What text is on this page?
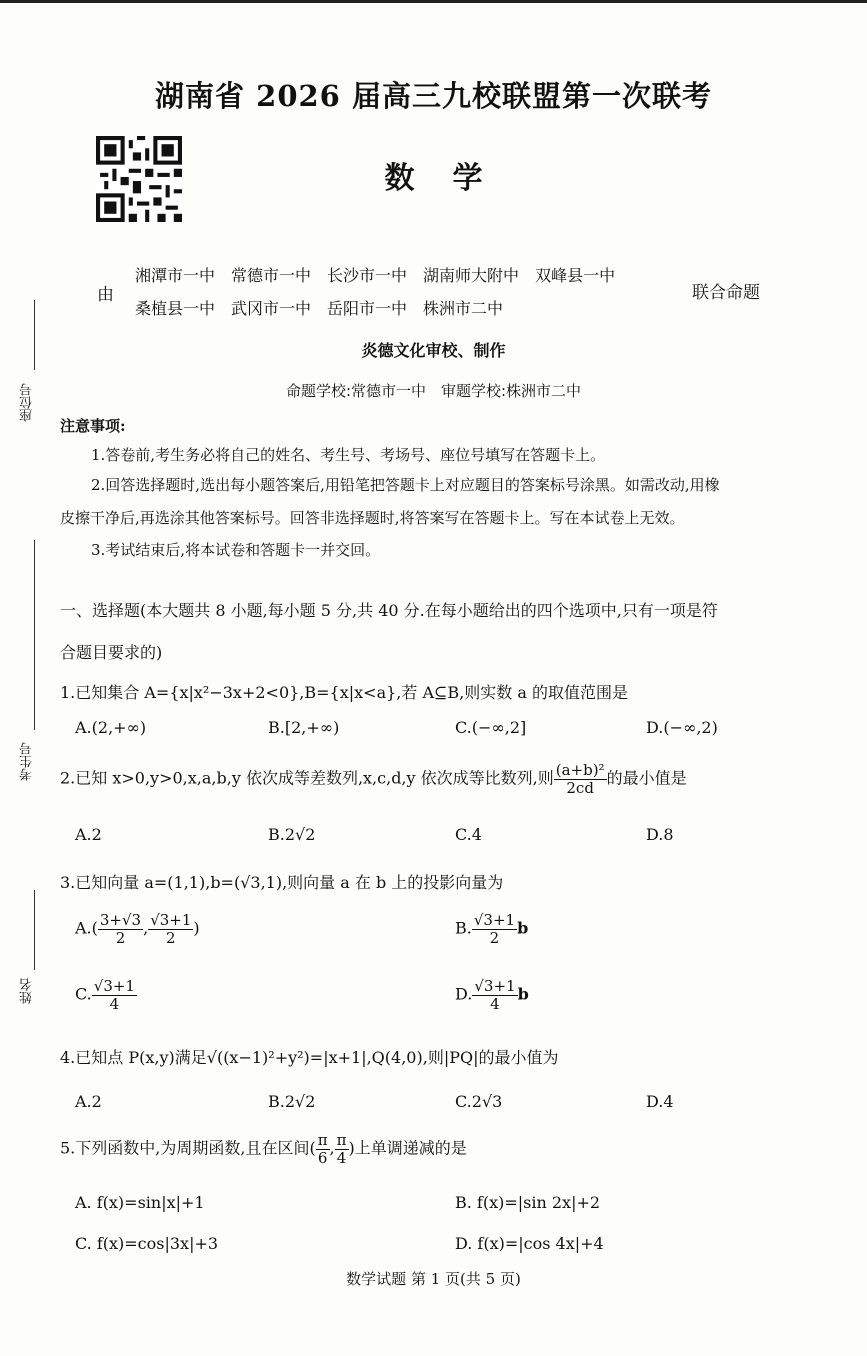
座位号
考生号
姓名
湖南省 2026 届高三九校联盟第一次联考
数学
由
湘潭市一中 常德市一中 长沙市一中 湖南师大附中 双峰县一中
桑植县一中 武冈市一中 岳阳市一中 株洲市二中
联合命题
炎德文化审校、制作
命题学校:常德市一中　审题学校:株洲市二中
注意事项:
1.答卷前,考生务必将自己的姓名、考生号、考场号、座位号填写在答题卡上。
2.回答选择题时,选出每小题答案后,用铅笔把答题卡上对应题目的答案标号涂黑。如需改动,用橡
皮擦干净后,再选涂其他答案标号。回答非选择题时,将答案写在答题卡上。写在本试卷上无效。
3.考试结束后,将本试卷和答题卡一并交回。
一、选择题(本大题共 8 小题,每小题 5 分,共 40 分.在每小题给出的四个选项中,只有一项是符
合题目要求的)
1.已知集合 A={x|x²−3x+2<0},B={x|x<a},若 A⊆B,则实数 a 的取值范围是
A.(2,+∞)	B.[2,+∞)	C.(−∞,2]	D.(−∞,2)
2.已知 x>0,y>0,x,a,b,y 依次成等差数列,x,c,d,y 依次成等比数列,则 $\frac{\text{(a+b)²}}{2cd}$ 的最小值是
A.2	B.2√2	C.4	D.8
3.已知向量 a=(1,1),b=(√3,1),则向量 a 在 b 上的投影向量为
$A.( \frac{3+√3}{2}$ , $\frac{√3+1}{2}$ )	B. $\frac{√3+1}{2}$ b
C. $\frac{√3+1}{4}$	D. $\frac{√3+1}{4}$ b
4.已知点 P(x,y)满足√((x−1)²+y²)=|x+1|,Q(4,0),则|PQ|的最小值为
A.2	B.2√2	C.2√3	D.4
5.下列函数中,为周期函数,且在区间( $\frac{\pi}{6}$ , $\frac{\pi}{4}$ )上单调递减的是
A. f(x)=sin|x|+1	B. f(x)=|sin 2x|+2
C. f(x)=cos|3x|+3	D. f(x)=|cos 4x|+4
数学试题 第 1 页(共 5 页)
